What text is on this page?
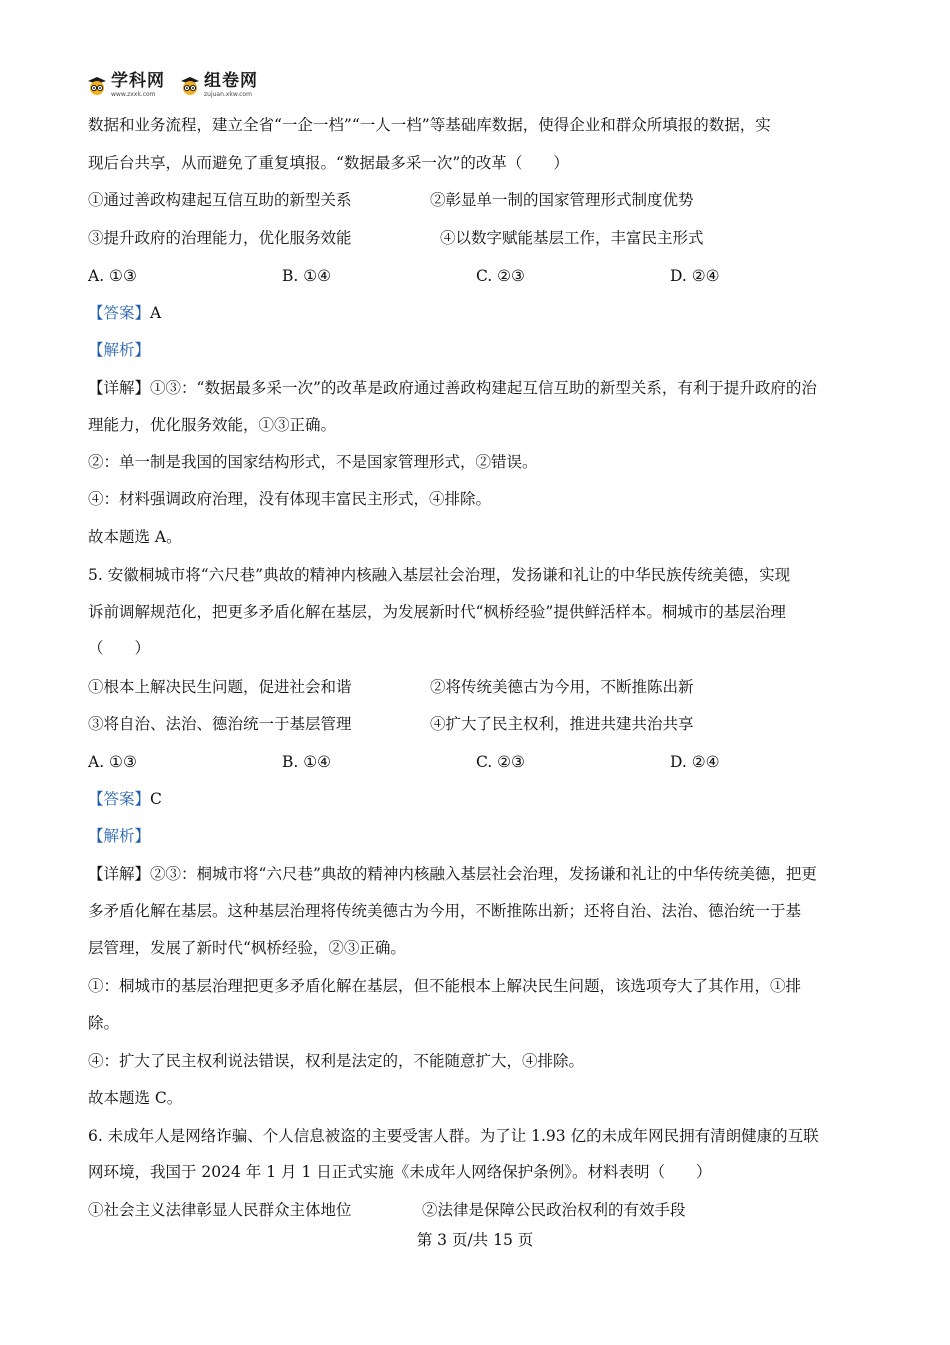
学科网
www.zxxk.com
组卷网
zujuan.xkw.com
数据和业务流程，建立全省“一企一档”“一人一档”等基础库数据，使得企业和群众所填报的数据，实
现后台共享，从而避免了重复填报。“数据最多采一次”的改革（　　）
①通过善政构建起互信互助的新型关系	②彰显单一制的国家管理形式制度优势
③提升政府的治理能力，优化服务效能	④以数字赋能基层工作，丰富民主形式
A. ①③	B. ①④	C. ②③	D. ②④
【答案】A
【解析】
【详解】①③：“数据最多采一次”的改革是政府通过善政构建起互信互助的新型关系，有利于提升政府的治
理能力，优化服务效能，①③正确。
②：单一制是我国的国家结构形式，不是国家管理形式，②错误。
④：材料强调政府治理，没有体现丰富民主形式，④排除。
故本题选 A。
5. 安徽桐城市将“六尺巷”典故的精神内核融入基层社会治理，发扬谦和礼让的中华民族传统美德，实现
诉前调解规范化，把更多矛盾化解在基层，为发展新时代“枫桥经验”提供鲜活样本。桐城市的基层治理
（　　）
①根本上解决民生问题，促进社会和谐	②将传统美德古为今用，不断推陈出新
③将自治、法治、德治统一于基层管理	④扩大了民主权利，推进共建共治共享
A. ①③	B. ①④	C. ②③	D. ②④
【答案】C
【解析】
【详解】②③：桐城市将“六尺巷”典故的精神内核融入基层社会治理，发扬谦和礼让的中华传统美德，把更
多矛盾化解在基层。这种基层治理将传统美德古为今用，不断推陈出新；还将自治、法治、德治统一于基
层管理，发展了新时代“枫桥经验，②③正确。
①：桐城市的基层治理把更多矛盾化解在基层，但不能根本上解决民生问题，该选项夸大了其作用，①排
除。
④：扩大了民主权利说法错误，权利是法定的，不能随意扩大，④排除。
故本题选 C。
6. 未成年人是网络诈骗、个人信息被盗的主要受害人群。为了让 1.93 亿的未成年网民拥有清朗健康的互联
网环境，我国于 2024 年 1 月 1 日正式实施《未成年人网络保护条例》。材料表明（　　）
①社会主义法律彰显人民群众主体地位	②法律是保障公民政治权利的有效手段
第 3 页/共 15 页
